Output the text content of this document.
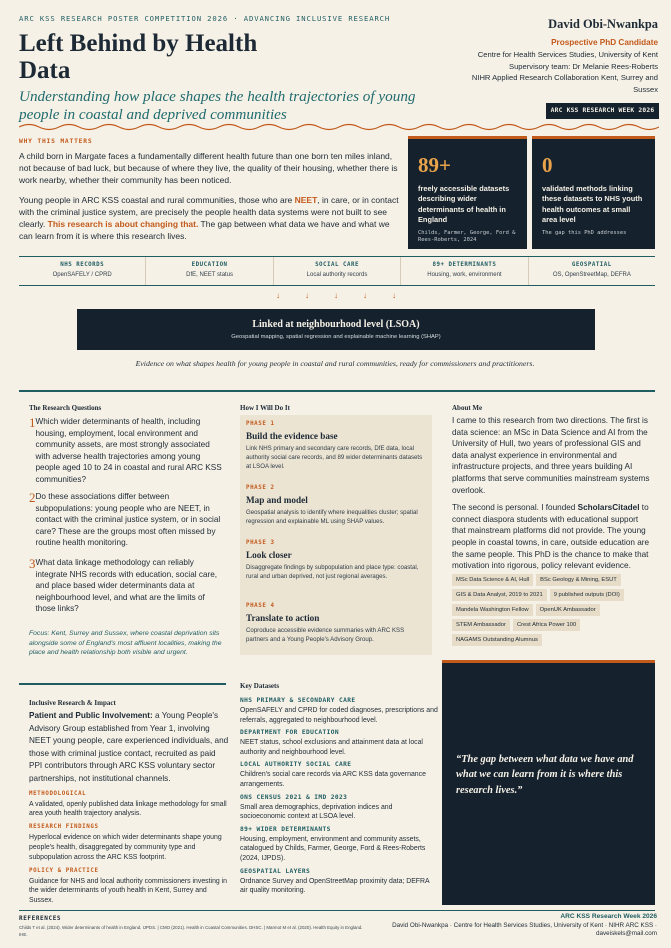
ARC KSS RESEARCH POSTER COMPETITION 2026 · ADVANCING INCLUSIVE RESEARCH
Left Behind by Health Data
Understanding how place shapes the health trajectories of young people in coastal and deprived communities
David Obi-Nwankpa
Prospective PhD Candidate
Centre for Health Services Studies, University of Kent
Supervisory team: Dr Melanie Rees-Roberts
NIHR Applied Research Collaboration Kent, Surrey and
Sussex
ARC KSS RESEARCH WEEK 2026
WHY THIS MATTERS

A child born in Margate faces a fundamentally different health future than one born ten miles inland, not because of bad luck, but because of where they live, the quality of their housing, whether there is work nearby, whether their community has been noticed.

Young people in ARC KSS coastal and rural communities, those who are NEET, in care, or in contact with the criminal justice system, are precisely the people health data systems were not built to see clearly. This research is about changing that. The gap between what data we have and what we can learn from it is where this research lives.

89+
freely accessible datasets describing wider determinants of health in England
Childs, Farmer, George, Ford & Rees-Roberts, 2024
0
validated methods linking these datasets to NHS youth health outcomes at small area level
The gap this PhD addresses
NHS RECORDS
OpenSAFELY / CPRD
EDUCATION
DfE, NEET status
SOCIAL CARE
Local authority records
89+ DETERMINANTS
Housing, work, environment
GEOSPATIAL
OS, OpenStreetMap, DEFRA
↓	↓	↓	↓	↓
Linked at neighbourhood level (LSOA)
Geospatial mapping, spatial regression and explainable machine learning (SHAP)
Evidence on what shapes health for young people in coastal and rural communities, ready for commissioners and practitioners.
The Research Questions
1 Which wider determinants of health, including housing, employment, local environment and community assets, are most strongly associated with adverse health trajectories among young people aged 10 to 24 in coastal and rural ARC KSS communities?
2 Do these associations differ between subpopulations: young people who are NEET, in contact with the criminal justice system, or in social care? These are the groups most often missed by routine health monitoring.
3 What data linkage methodology can reliably integrate NHS records with education, social care, and place based wider determinants data at neighbourhood level, and what are the limits of those links?
Focus: Kent, Surrey and Sussex, where coastal deprivation sits alongside some of England's most affluent localities, making the place and health relationship both visible and urgent.
How I Will Do It
PHASE 1
Build the evidence base
Link NHS primary and secondary care records, DfE data, local authority social care records, and 89 wider determinants datasets at LSOA level.
PHASE 2
Map and model
Geospatial analysis to identify where inequalities cluster; spatial regression and explainable ML using SHAP values.
PHASE 3
Look closer
Disaggregate findings by subpopulation and place type: coastal, rural and urban deprived, not just regional averages.
PHASE 4
Translate to action
Coproduce accessible evidence summaries with ARC KSS partners and a Young People's Advisory Group.
About Me

I came to this research from two directions. The first is data science: an MSc in Data Science and AI from the University of Hull, two years of professional GIS and data analyst experience in environmental and infrastructure projects, and three years building AI platforms that serve communities mainstream systems overlook.

The second is personal. I founded ScholarsCitadel to connect diaspora students with educational support that mainstream platforms did not provide. The young people in coastal towns, in care, outside education are the same people. This PhD is the chance to make that motivation into rigorous, policy relevant evidence.

MSc Data Science & AI, Hull	BSc Geology & Mining, ESUT
GIS & Data Analyst, 2019 to 2021	9 published outputs (DOI)
Mandela Washington Fellow	OpenUK Ambassador
STEM Ambassador	Crest Africa Power 100
NAGAMS Outstanding Alumnus
Inclusive Research & Impact
Patient and Public Involvement: a Young People's Advisory Group established from Year 1, involving NEET young people, care experienced individuals, and those with criminal justice contact, recruited as paid PPI contributors through ARC KSS voluntary sector partnerships, not institutional channels.
METHODOLOGICAL
A validated, openly published data linkage methodology for small area youth health trajectory analysis.
RESEARCH FINDINGS
Hyperlocal evidence on which wider determinants shape young people's health, disaggregated by community type and subpopulation across the ARC KSS footprint.
POLICY & PRACTICE
Guidance for NHS and local authority commissioners investing in the wider determinants of youth health in Kent, Surrey and Sussex.
Key Datasets
NHS PRIMARY & SECONDARY CARE
OpenSAFELY and CPRD for coded diagnoses, prescriptions and referrals, aggregated to neighbourhood level.
DEPARTMENT FOR EDUCATION
NEET status, school exclusions and attainment data at local authority and neighbourhood level.
LOCAL AUTHORITY SOCIAL CARE
Children's social care records via ARC KSS data governance arrangements.
ONS CENSUS 2021 & IMD 2023
Small area demographics, deprivation indices and socioeconomic context at LSOA level.
89+ WIDER DETERMINANTS
Housing, employment, environment and community assets, catalogued by Childs, Farmer, George, Ford & Rees-Roberts (2024, IJPDS).
GEOSPATIAL LAYERS
Ordnance Survey and OpenStreetMap proximity data; DEFRA air quality monitoring.
“The gap between what data we have and what we can learn from it is where this research lives.”
REFERENCES
Childs T et al. (2024). Wider determinants of health in England. IJPDS. | CMO (2021). Health in Coastal Communities. DHSC. | Marmot M et al. (2020). Health Equity in England. IHE.
ARC KSS Research Week 2026
David Obi-Nwankpa · Centre for Health Services Studies, University of Kent · NIHR ARC KSS ·
daveiskels@mail.com
